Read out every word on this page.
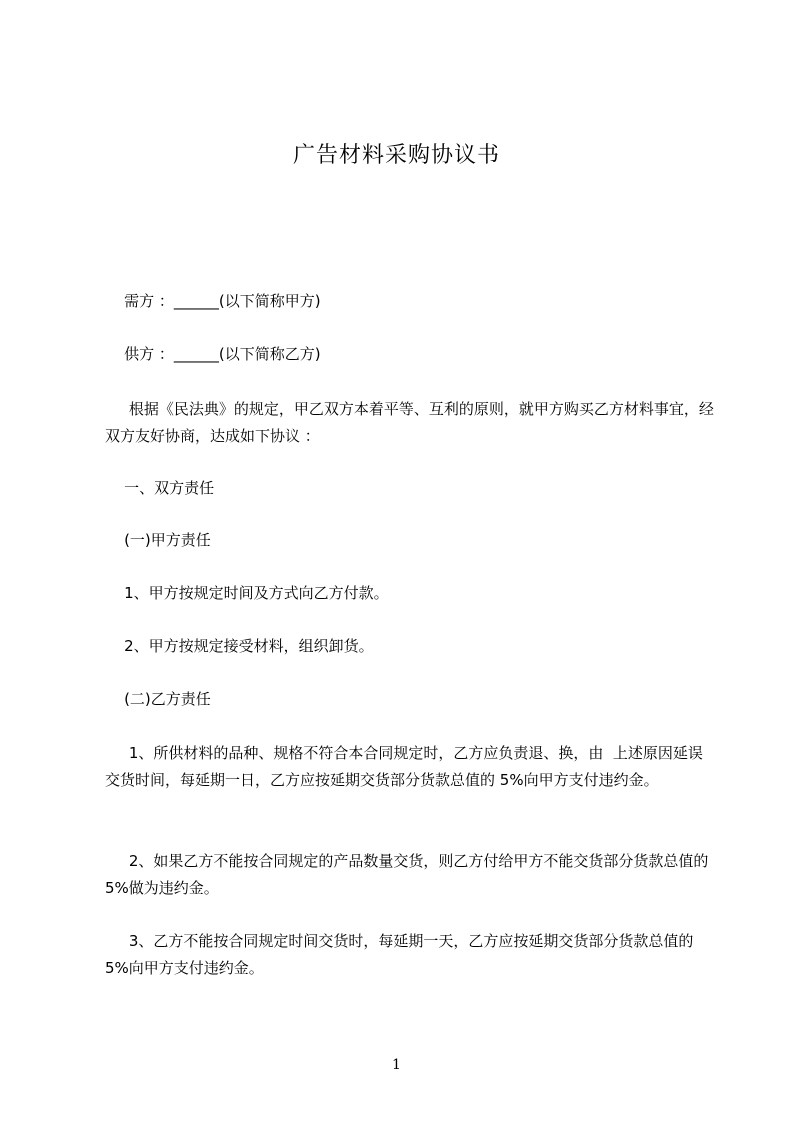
广告材料采购协议书
需方 ：______(以下简称甲方)
供方 ：______(以下简称乙方)
根据《民法典》的规定，甲乙双方本着平等、互利的原则，就甲方购买乙方材料事宜，经双方友好协商，达成如下协议 ：
一、双方责任
(一)甲方责任
1、甲方按规定时间及方式向乙方付款。
2、甲方按规定接受材料，组织卸货。
(二)乙方责任
1、所供材料的品种、规格不符合本合同规定时，乙方应负责退、换，由  上述原因延误交货时间，每延期一日，乙方应按延期交货部分货款总值的 5%向甲方支付违约金。
2、如果乙方不能按合同规定的产品数量交货，则乙方付给甲方不能交货部分货款总值的 5%做为违约金。
3、乙方不能按合同规定时间交货时，每延期一天，乙方应按延期交货部分货款总值的 5%向甲方支付违约金。
1
